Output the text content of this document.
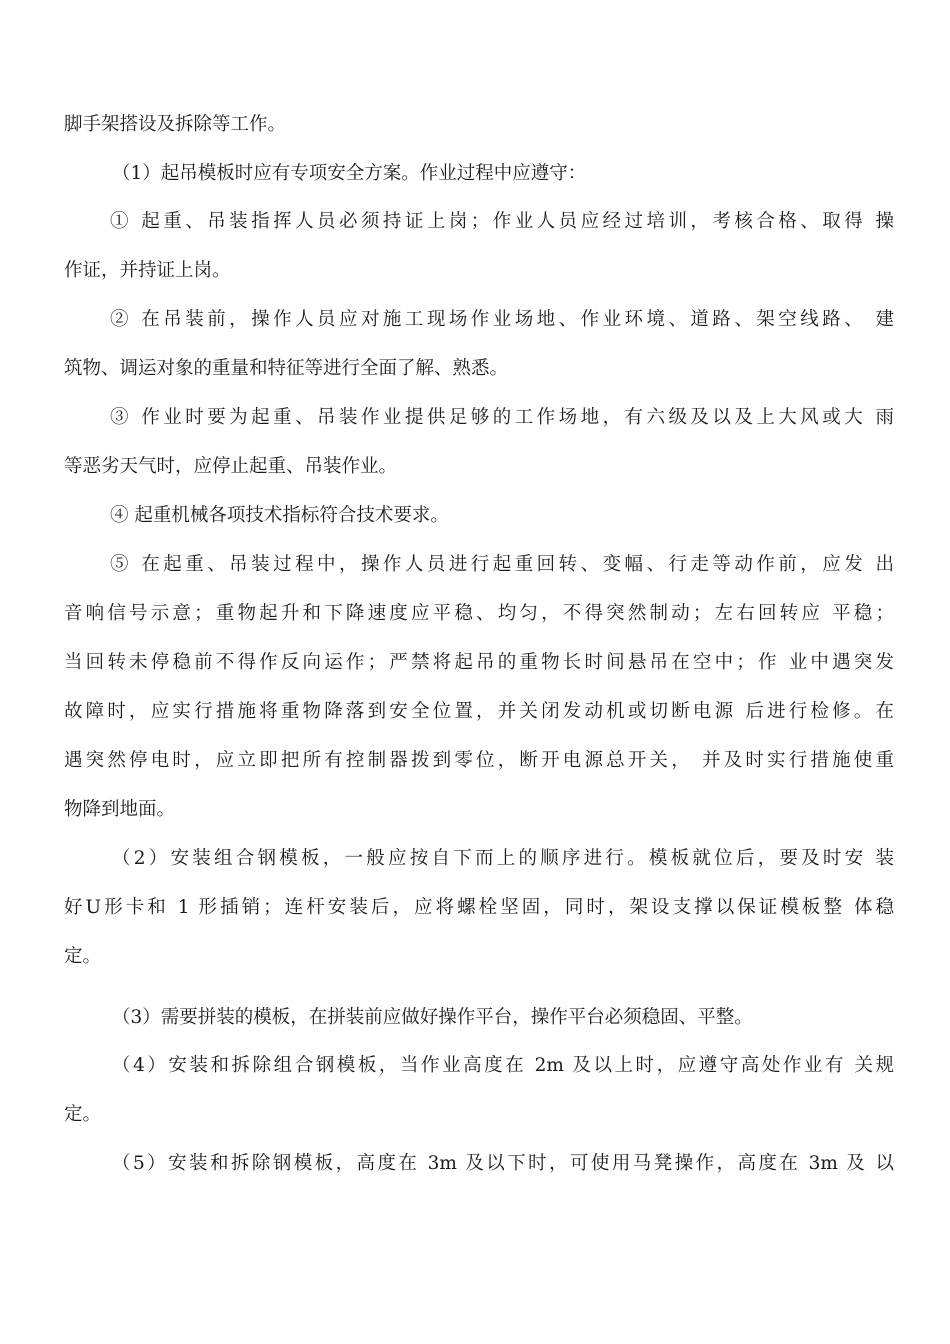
脚手架搭设及拆除等工作。
（1）起吊模板时应有专项安全方案。作业过程中应遵守：
① 起重、吊装指挥人员必须持证上岗；作业人员应经过培训，考核合格、取得 操
作证，并持证上岗。
② 在吊装前，操作人员应对施工现场作业场地、作业环境、道路、架空线路、 建
筑物、调运对象的重量和特征等进行全面了解、熟悉。
③ 作业时要为起重、吊装作业提供足够的工作场地，有六级及以及上大风或大 雨
等恶劣天气时，应停止起重、吊装作业。
④ 起重机械各项技术指标符合技术要求。
⑤ 在起重、吊装过程中，操作人员进行起重回转、变幅、行走等动作前，应发 出
音响信号示意；重物起升和下降速度应平稳、均匀，不得突然制动；左右回转应 平稳；
当回转未停稳前不得作反向运作；严禁将起吊的重物长时间悬吊在空中；作 业中遇突发
故障时，应实行措施将重物降落到安全位置，并关闭发动机或切断电源 后进行检修。在
遇突然停电时，应立即把所有控制器拨到零位，断开电源总开关， 并及时实行措施使重
物降到地面。
（2）安装组合钢模板，一般应按自下而上的顺序进行。模板就位后，要及时安 装
好U形卡和 1 形插销；连杆安装后，应将螺栓坚固，同时，架设支撑以保证模板整 体稳
定。
（3）需要拼装的模板，在拼装前应做好操作平台，操作平台必须稳固、平整。
（4）安装和拆除组合钢模板，当作业高度在 2m 及以上时，应遵守高处作业有 关规
定。
（5）安装和拆除钢模板，高度在 3m 及以下时，可使用马凳操作，高度在 3m 及 以
